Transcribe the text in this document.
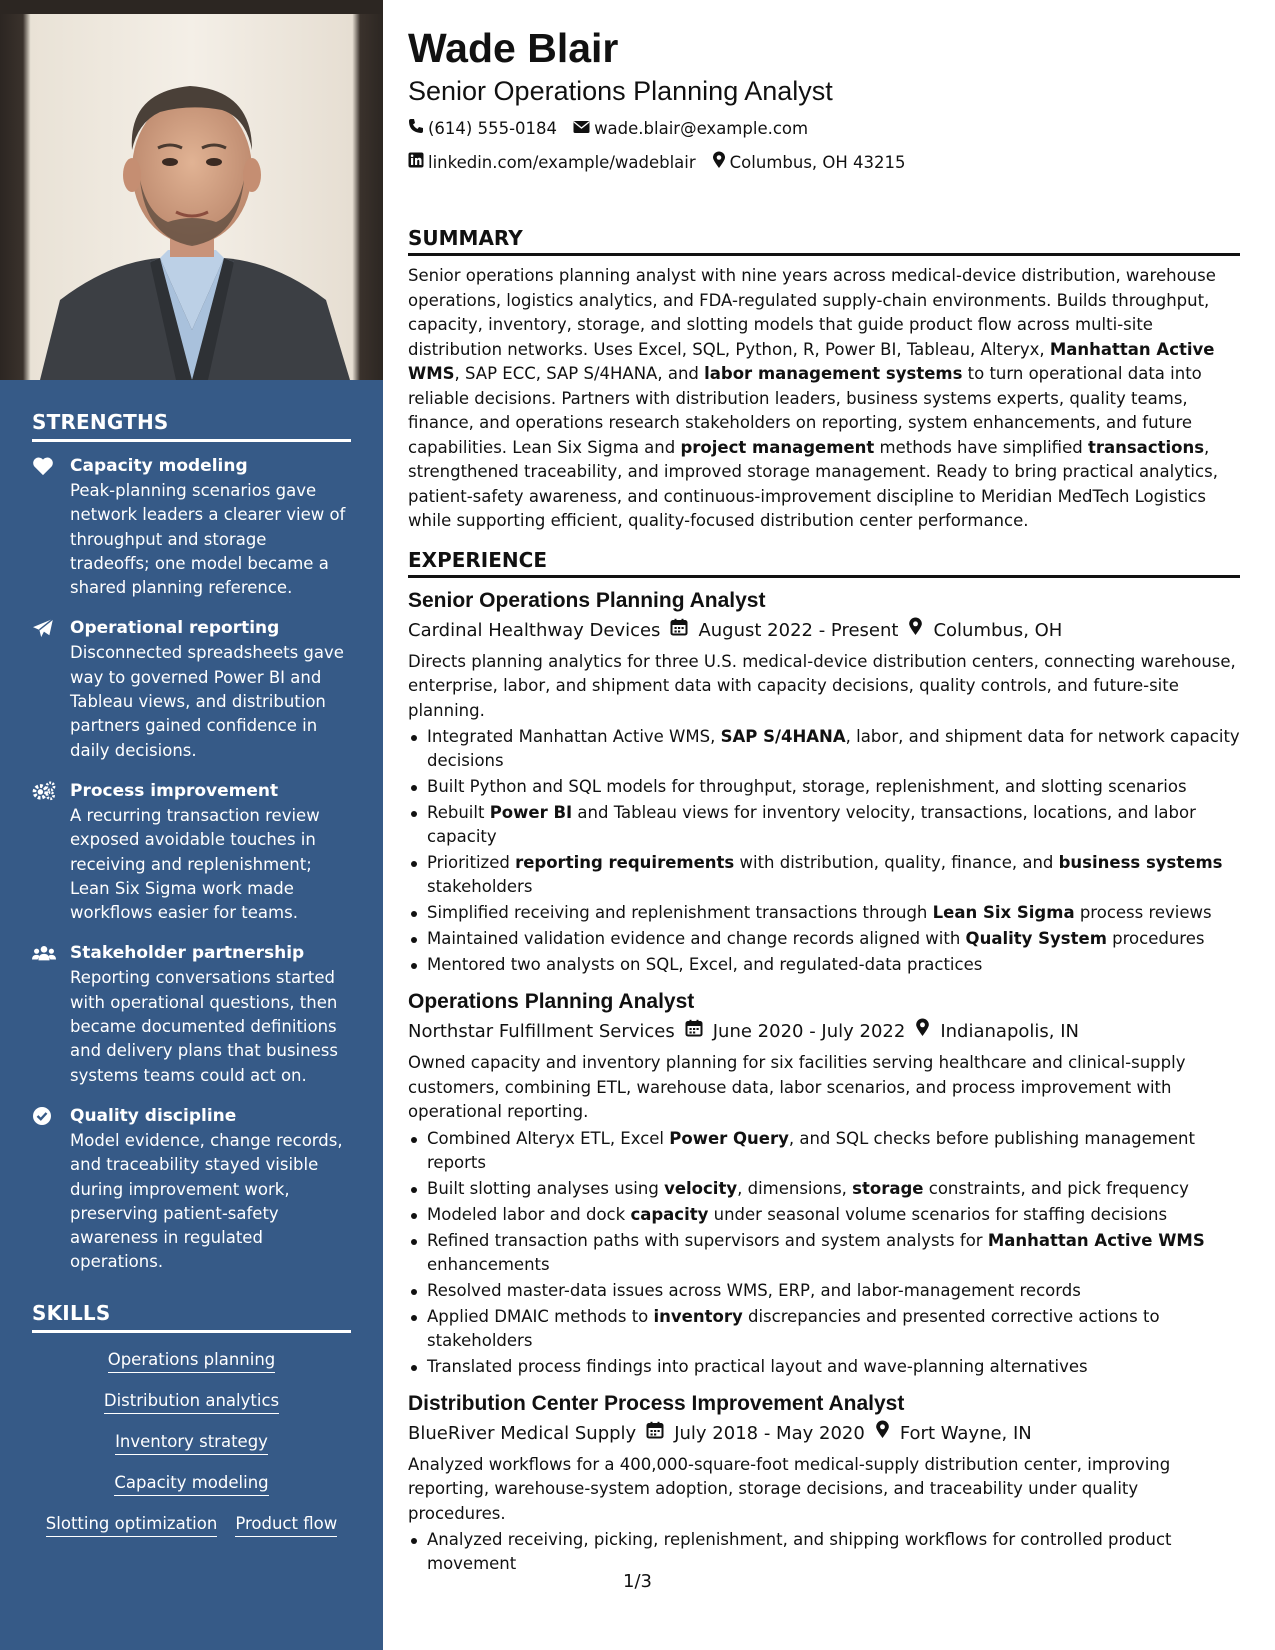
STRENGTHS
Capacity modeling
Peak-planning scenarios gave network leaders a clearer view of throughput and storage tradeoffs; one model became a shared planning reference.
Operational reporting
Disconnected spreadsheets gave way to governed Power BI and Tableau views, and distribution partners gained confidence in daily decisions.
Process improvement
A recurring transaction review exposed avoidable touches in receiving and replenishment; Lean Six Sigma work made workflows easier for teams.
Stakeholder partnership
Reporting conversations started with operational questions, then became documented definitions and delivery plans that business systems teams could act on.
Quality discipline
Model evidence, change records, and traceability stayed visible during improvement work, preserving patient-safety awareness in regulated operations.
SKILLS
Operations planning
Distribution analytics
Inventory strategy
Capacity modeling
Slotting optimization Product flow
Wade Blair
Senior Operations Planning Analyst
(614) 555-0184 wade.blair@example.com
linkedin.com/example/wadeblair Columbus, OH 43215
SUMMARY

Senior operations planning analyst with nine years across medical-device distribution, warehouse operations, logistics analytics, and FDA-regulated supply-chain environments. Builds throughput, capacity, inventory, storage, and slotting models that guide product flow across multi-site distribution networks. Uses Excel, SQL, Python, R, Power BI, Tableau, Alteryx, Manhattan Active WMS, SAP ECC, SAP S/4HANA, and labor management systems to turn operational data into reliable decisions. Partners with distribution leaders, business systems experts, quality teams, finance, and operations research stakeholders on reporting, system enhancements, and future capabilities. Lean Six Sigma and project management methods have simplified transactions, strengthened traceability, and improved storage management. Ready to bring practical analytics, patient-safety awareness, and continuous-improvement discipline to Meridian MedTech Logistics while supporting efficient, quality-focused distribution center performance.

EXPERIENCE
Senior Operations Planning Analyst
Cardinal Healthway Devices August 2022 - Present Columbus, OH

Directs planning analytics for three U.S. medical-device distribution centers, connecting warehouse, enterprise, labor, and shipment data with capacity decisions, quality controls, and future-site planning.

Integrated Manhattan Active WMS, SAP S/4HANA, labor, and shipment data for network capacity decisions
Built Python and SQL models for throughput, storage, replenishment, and slotting scenarios
Rebuilt Power BI and Tableau views for inventory velocity, transactions, locations, and labor capacity
Prioritized reporting requirements with distribution, quality, finance, and business systems stakeholders
Simplified receiving and replenishment transactions through Lean Six Sigma process reviews
Maintained validation evidence and change records aligned with Quality System procedures
Mentored two analysts on SQL, Excel, and regulated-data practices
Operations Planning Analyst
Northstar Fulfillment Services June 2020 - July 2022 Indianapolis, IN

Owned capacity and inventory planning for six facilities serving healthcare and clinical-supply customers, combining ETL, warehouse data, labor scenarios, and process improvement with operational reporting.

Combined Alteryx ETL, Excel Power Query, and SQL checks before publishing management reports
Built slotting analyses using velocity, dimensions, storage constraints, and pick frequency
Modeled labor and dock capacity under seasonal volume scenarios for staffing decisions
Refined transaction paths with supervisors and system analysts for Manhattan Active WMS enhancements
Resolved master-data issues across WMS, ERP, and labor-management records
Applied DMAIC methods to inventory discrepancies and presented corrective actions to stakeholders
Translated process findings into practical layout and wave-planning alternatives
Distribution Center Process Improvement Analyst
BlueRiver Medical Supply July 2018 - May 2020 Fort Wayne, IN

Analyzed workflows for a 400,000-square-foot medical-supply distribution center, improving reporting, warehouse-system adoption, storage decisions, and traceability under quality procedures.

Analyzed receiving, picking, replenishment, and shipping workflows for controlled product movement
1/3
